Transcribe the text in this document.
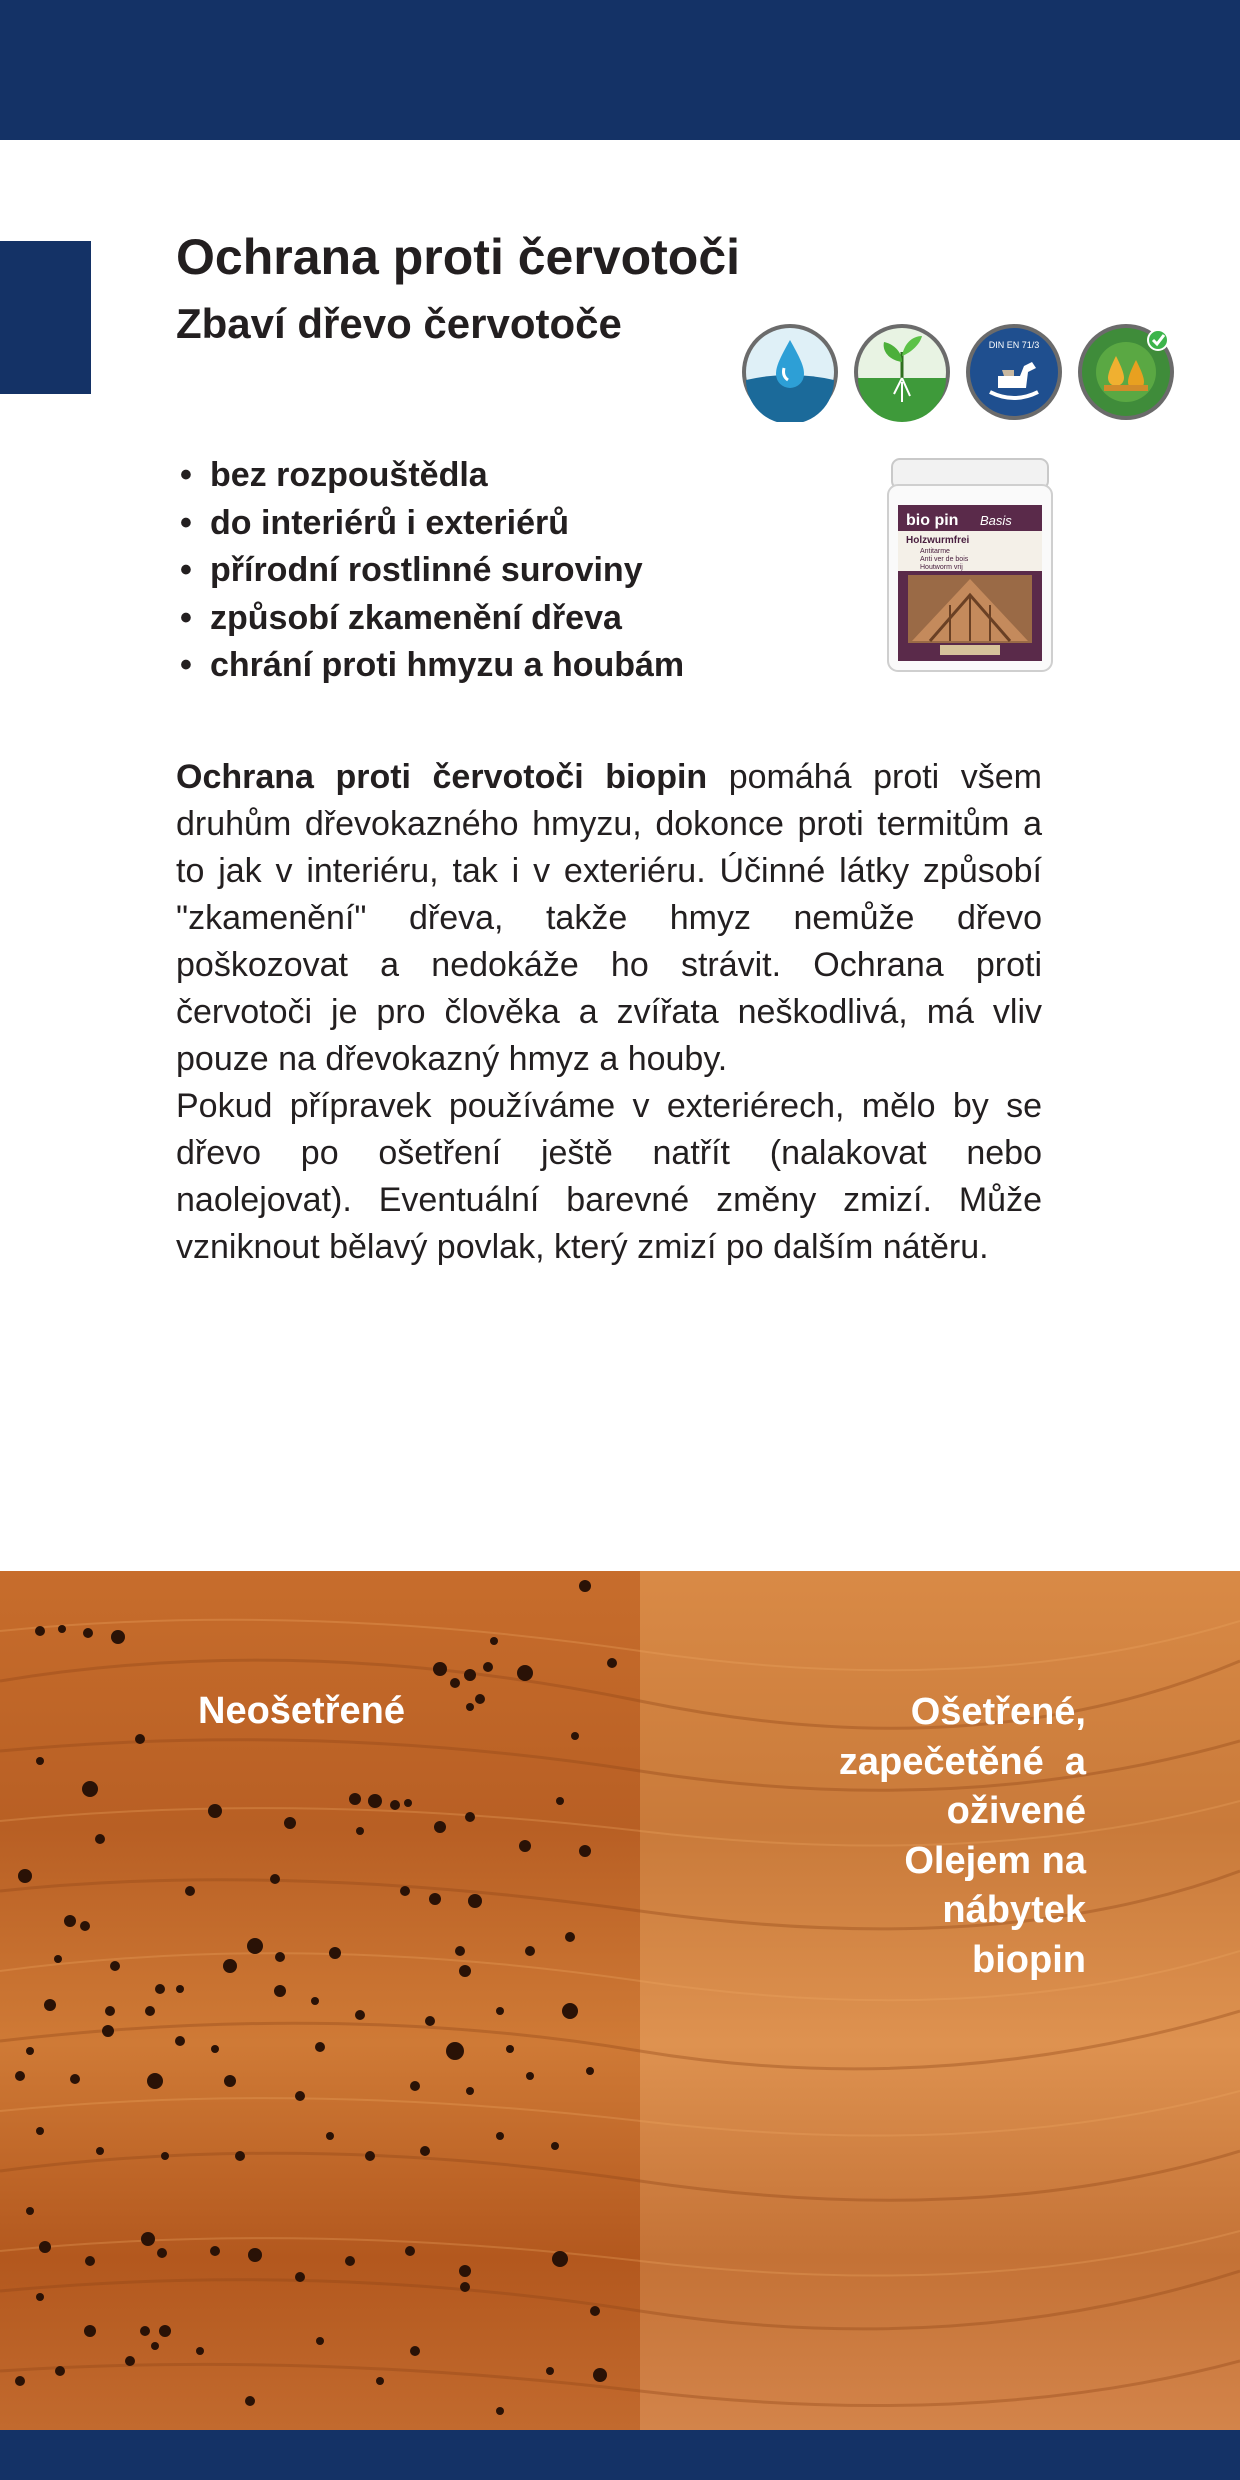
Ochrana proti červotoči
Zbaví dřevo červotoče	DIN EN 71/3
• bez rozpouštědla
• do interiérů i exteriérů
• přírodní rostlinné suroviny
• způsobí zkamenění dřeva
• chrání proti hmyzu a houbám
bio pin Basis
Holzwurmfrei
Antitarme
Anti ver de bois
Houtworm vrij

Ochrana proti červotoči biopin pomáhá proti všem druhům dřevokazného hmyzu, dokonce proti termitům a to jak v interiéru, tak i v exteriéru. Účinné látky způsobí "zkamenění" dřeva, takže hmyz nemůže dřevo poškozovat a nedokáže ho strávit. Ochrana proti červotoči je pro člověka a zvířata neškodlivá, má vliv pouze na dřevokazný hmyz a houby.

Pokud přípravek používáme v exteriérech, mělo by se dřevo po ošetření ještě natřít (nalakovat nebo naolejovat). Eventuální barevné změny zmizí. Může vzniknout bělavý povlak, který zmizí po dalším nátěru.

Neošetřené	Ošetřené,
zapečetěné  a
oživené
Olejem na
nábytek
biopin
